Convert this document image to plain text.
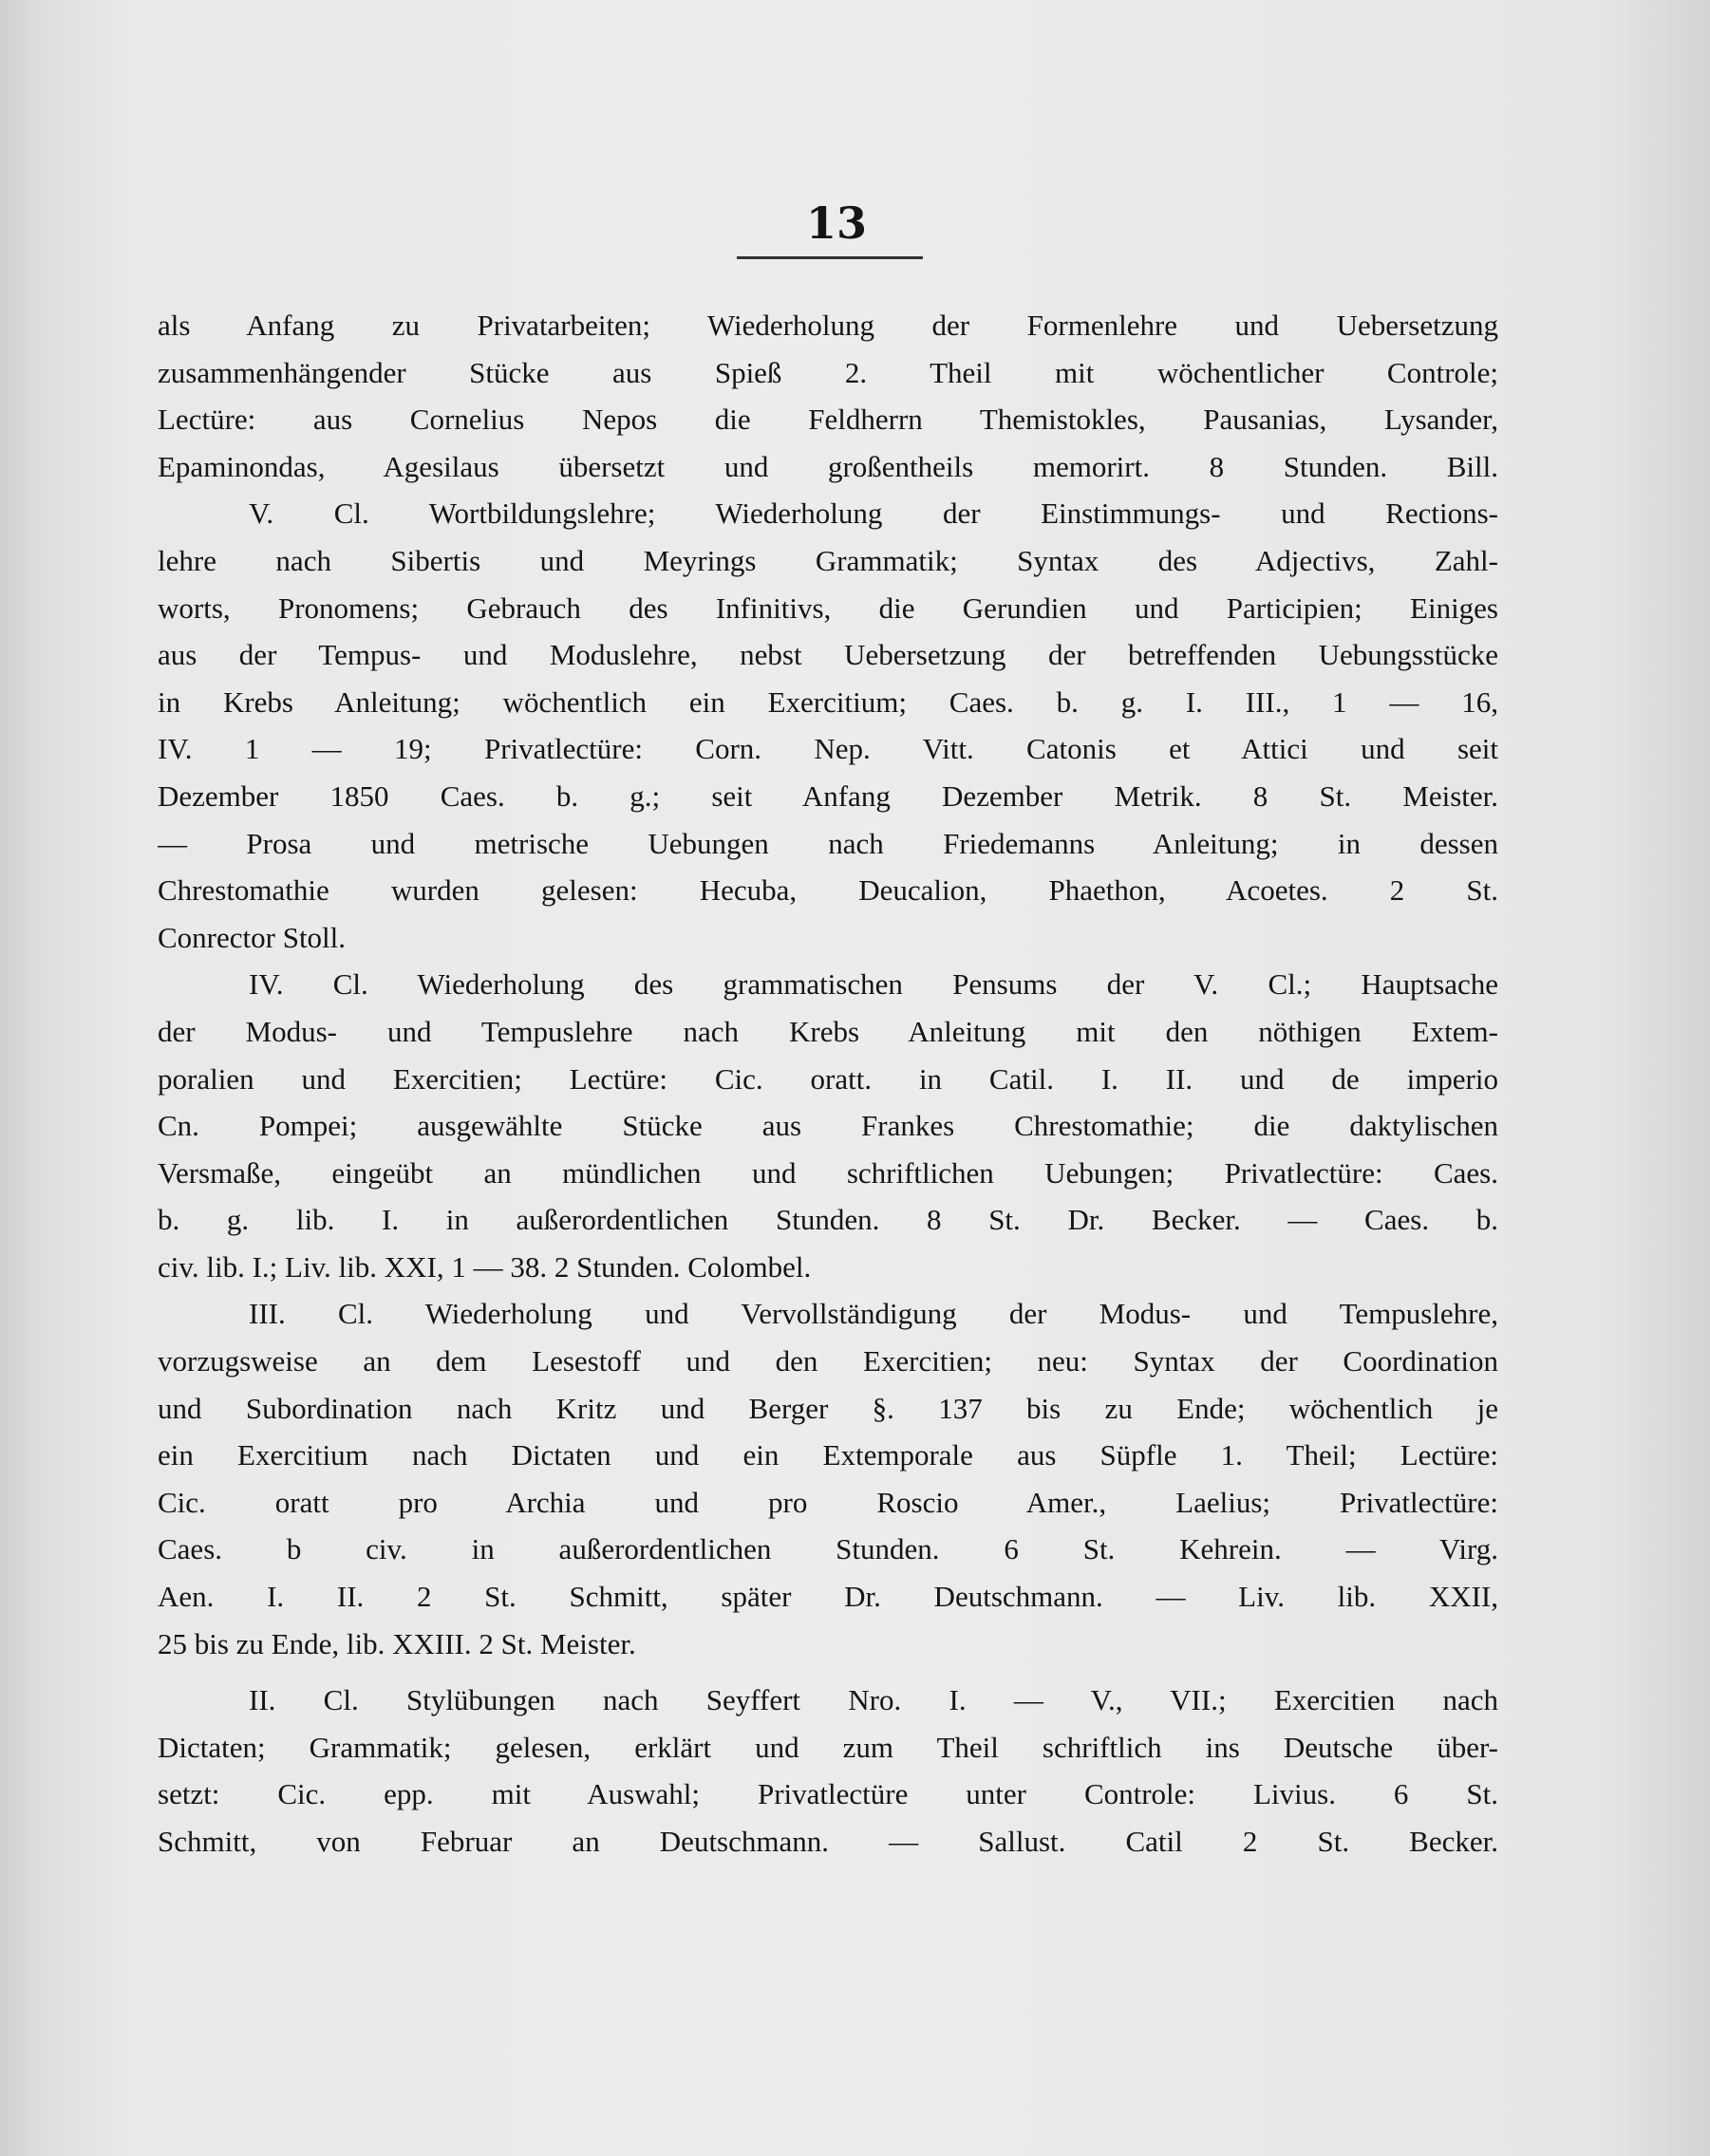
13
als Anfang zu Privatarbeiten; Wiederholung der Formenlehre und Uebersetzung
zusammenhängender Stücke aus Spieß 2. Theil mit wöchentlicher Controle;
Lectüre: aus Cornelius Nepos die Feldherrn Themistokles, Pausanias, Lysander,
Epaminondas, Agesilaus übersetzt und großentheils memorirt. 8 Stunden. Bill.
V. Cl. Wortbildungslehre; Wiederholung der Einstimmungs- und Rections-
lehre nach Sibertis und Meyrings Grammatik; Syntax des Adjectivs, Zahl-
worts, Pronomens; Gebrauch des Infinitivs, die Gerundien und Participien; Einiges
aus der Tempus- und Moduslehre, nebst Uebersetzung der betreffenden Uebungsstücke
in Krebs Anleitung; wöchentlich ein Exercitium; Caes. b. g. I. III., 1 — 16,
IV. 1 — 19; Privatlectüre: Corn. Nep. Vitt. Catonis et Attici und seit
Dezember 1850 Caes. b. g.; seit Anfang Dezember Metrik. 8 St. Meister.
— Prosa und metrische Uebungen nach Friedemanns Anleitung; in dessen
Chrestomathie wurden gelesen: Hecuba, Deucalion, Phaethon, Acoetes. 2 St.
Conrector Stoll.
IV. Cl. Wiederholung des grammatischen Pensums der V. Cl.; Hauptsache
der Modus- und Tempuslehre nach Krebs Anleitung mit den nöthigen Extem-
poralien und Exercitien; Lectüre: Cic. oratt. in Catil. I. II. und de imperio
Cn. Pompei; ausgewählte Stücke aus Frankes Chrestomathie; die daktylischen
Versmaße, eingeübt an mündlichen und schriftlichen Uebungen; Privatlectüre: Caes.
b. g. lib. I. in außerordentlichen Stunden. 8 St. Dr. Becker. — Caes. b.
civ. lib. I.; Liv. lib. XXI, 1 — 38. 2 Stunden. Colombel.
III. Cl. Wiederholung und Vervollständigung der Modus- und Tempuslehre,
vorzugsweise an dem Lesestoff und den Exercitien; neu: Syntax der Coordination
und Subordination nach Kritz und Berger §. 137 bis zu Ende; wöchentlich je
ein Exercitium nach Dictaten und ein Extemporale aus Süpfle 1. Theil; Lectüre:
Cic. oratt pro Archia und pro Roscio Amer., Laelius; Privatlectüre:
Caes. b civ. in außerordentlichen Stunden. 6 St. Kehrein. — Virg.
Aen. I. II. 2 St. Schmitt, später Dr. Deutschmann. — Liv. lib. XXII,
25 bis zu Ende, lib. XXIII. 2 St. Meister.
II. Cl. Stylübungen nach Seyffert Nro. I. — V., VII.; Exercitien nach
Dictaten; Grammatik; gelesen, erklärt und zum Theil schriftlich ins Deutsche über-
setzt: Cic. epp. mit Auswahl; Privatlectüre unter Controle: Livius. 6 St.
Schmitt, von Februar an Deutschmann. — Sallust. Catil 2 St. Becker.
